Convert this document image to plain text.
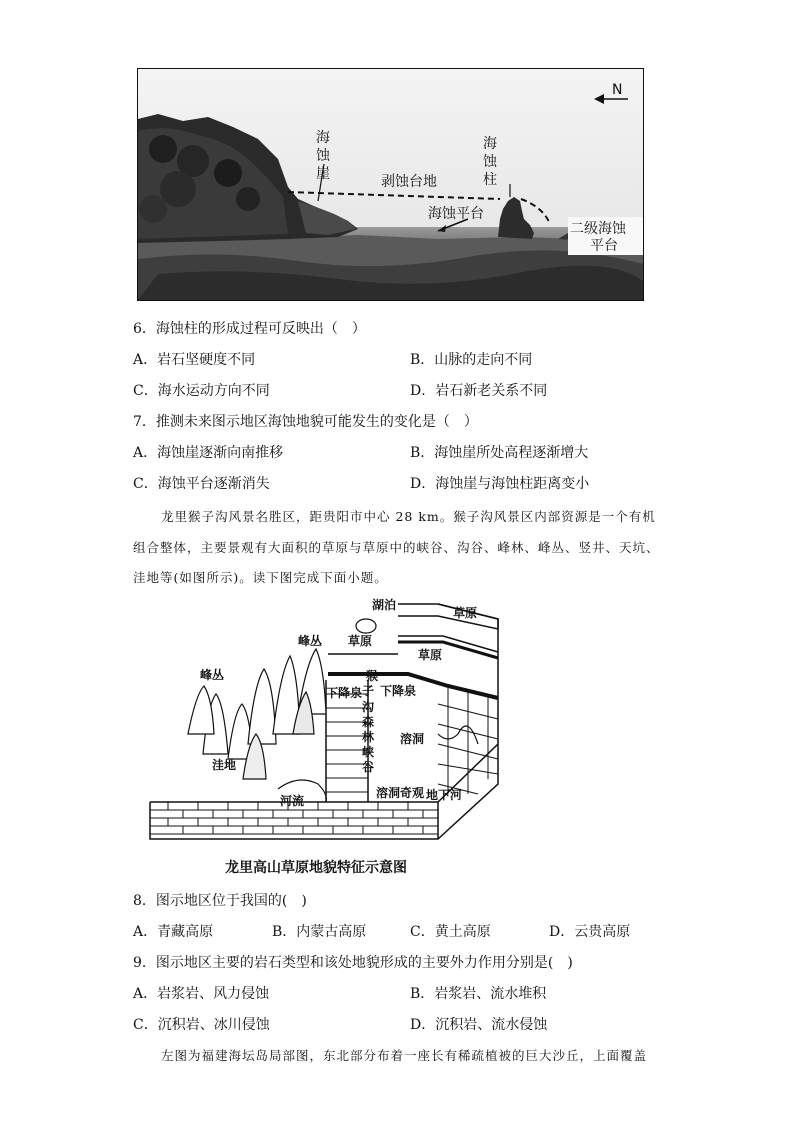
N
海
蚀
崖	剥蚀台地
海
蚀
柱
海蚀平台
二级海蚀
平台
6．海蚀柱的形成过程可反映出（　）
A．岩石坚硬度不同	B．山脉的走向不同
C．海水运动方向不同	D．岩石新老关系不同
7．推测未来图示地区海蚀地貌可能发生的变化是（　）
A．海蚀崖逐渐向南推移	B．海蚀崖所处高程逐渐增大
C．海蚀平台逐渐消失	D．海蚀崖与海蚀柱距离变小
龙里猴子沟风景名胜区，距贵阳市中心 28 km。猴子沟风景区内部资源是一个有机
组合整体，主要景观有大面积的草原与草原中的峡谷、沟谷、峰林、峰丛、竖井、天坑、
洼地等(如图所示)。读下图完成下面小题。
湖泊
草原
峰丛 草原
草原
峰丛	猴
子
下降泉 下降泉
沟
森
林
峡
谷
溶洞
洼地
溶洞奇观 地下河
河流
龙里高山草原地貌特征示意图
8．图示地区位于我国的(　)
A．青藏高原	B．内蒙古高原	C．黄土高原	D．云贵高原
9．图示地区主要的岩石类型和该处地貌形成的主要外力作用分别是(　)
A．岩浆岩、风力侵蚀	B．岩浆岩、流水堆积
C．沉积岩、冰川侵蚀	D．沉积岩、流水侵蚀
左图为福建海坛岛局部图，东北部分布着一座长有稀疏植被的巨大沙丘，上面覆盖
